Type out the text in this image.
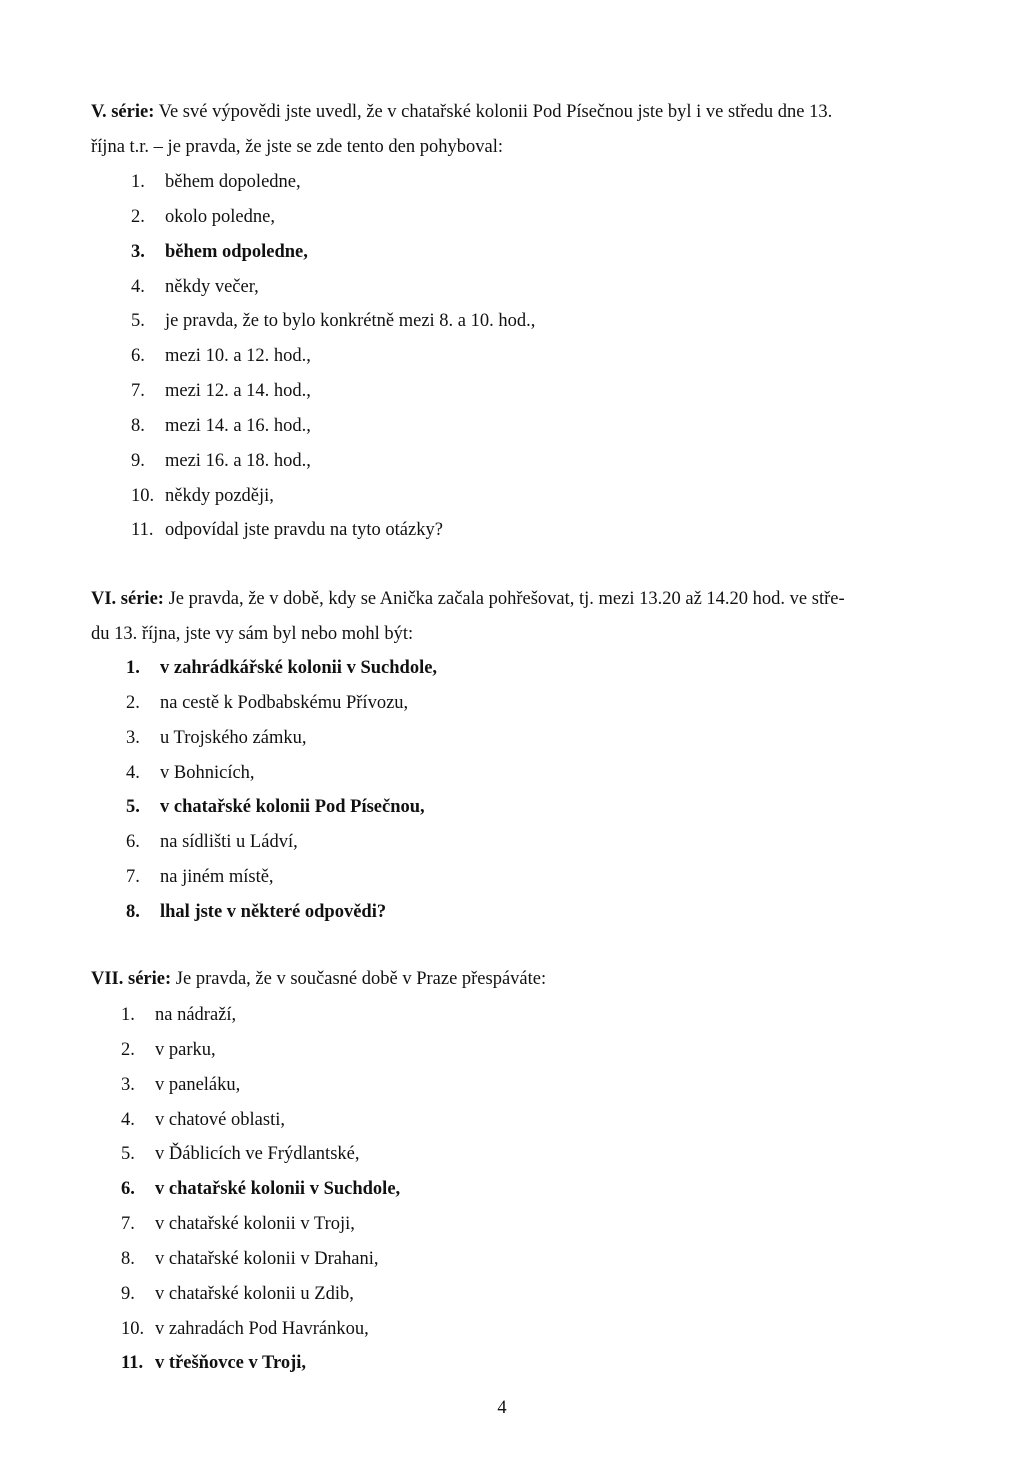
V. série: Ve své výpovědi jste uvedl, že v chatařské kolonii Pod Písečnou jste byl i ve středu dne 13.
října t.r. – je pravda, že jste se zde tento den pohyboval:

1. během dopoledne,
2. okolo poledne,
3. během odpoledne,
4. někdy večer,
5. je pravda, že to bylo konkrétně mezi 8. a 10. hod.,
6. mezi 10. a 12. hod.,
7. mezi 12. a 14. hod.,
8. mezi 14. a 16. hod.,
9. mezi 16. a 18. hod.,
10. někdy později,
11. odpovídal jste pravdu na tyto otázky?

VI. série: Je pravda, že v době, kdy se Anička začala pohřešovat, tj. mezi 13.20 až 14.20 hod. ve stře-
du 13. října, jste vy sám byl nebo mohl být:

1. v zahrádkářské kolonii v Suchdole,
2. na cestě k Podbabskému Přívozu,
3. u Trojského zámku,
4. v Bohnicích,
5. v chatařské kolonii Pod Písečnou,
6. na sídlišti u Ládví,
7. na jiném místě,
8. lhal jste v některé odpovědi?

VII. série: Je pravda, že v současné době v Praze přespáváte:

1. na nádraží,
2. v parku,
3. v paneláku,
4. v chatové oblasti,
5. v Ďáblicích ve Frýdlantské,
6. v chatařské kolonii v Suchdole,
7. v chatařské kolonii v Troji,
8. v chatařské kolonii v Drahani,
9. v chatařské kolonii u Zdib,
10. v zahradách Pod Havránkou,
11. v třešňovce v Troji,
4
